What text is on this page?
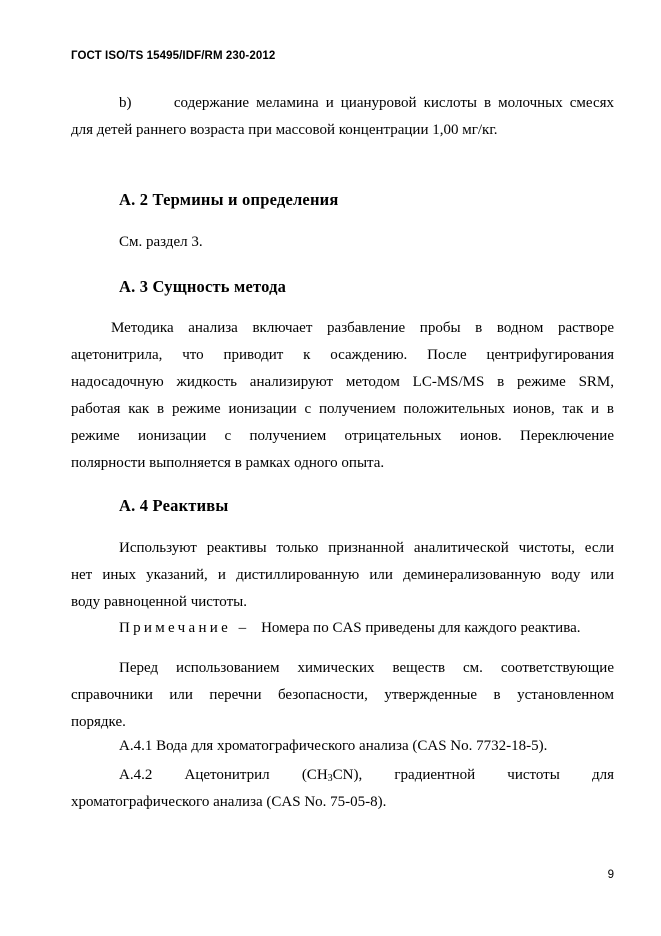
ГОСТ ISO/TS 15495/IDF/RM 230-2012
b)	содержание меламина и циануровой кислоты в молочных смесях
для детей раннего возраста при массовой концентрации 1,00 мг/кг.
А. 2 Термины и определения
См. раздел 3.
А. 3 Сущность метода
Методика анализа включает разбавление пробы в водном растворе
ацетонитрила, что приводит к осаждению. После центрифугирования
надосадочную жидкость анализируют методом LC-MS/MS в режиме SRM,
работая как в режиме ионизации с получением положительных ионов, так и в
режиме ионизации с получением отрицательных ионов. Переключение
полярности выполняется в рамках одного опыта.
А. 4 Реактивы
Используют реактивы только признанной аналитической чистоты, если
нет иных указаний, и дистиллированную или деминерализованную воду или
воду равноценной чистоты.
Примечание – Номера по CAS приведены для каждого реактива.
Перед использованием химических веществ см. соответствующие
справочники или перечни безопасности, утвержденные в установленном
порядке.
А.4.1 Вода для хроматографического анализа (CAS No. 7732-18-5).
А.4.2 Ацетонитрил $(CH_3CN)$, градиентной чистоты для
хроматографического анализа (CAS No. 75-05-8).
9
